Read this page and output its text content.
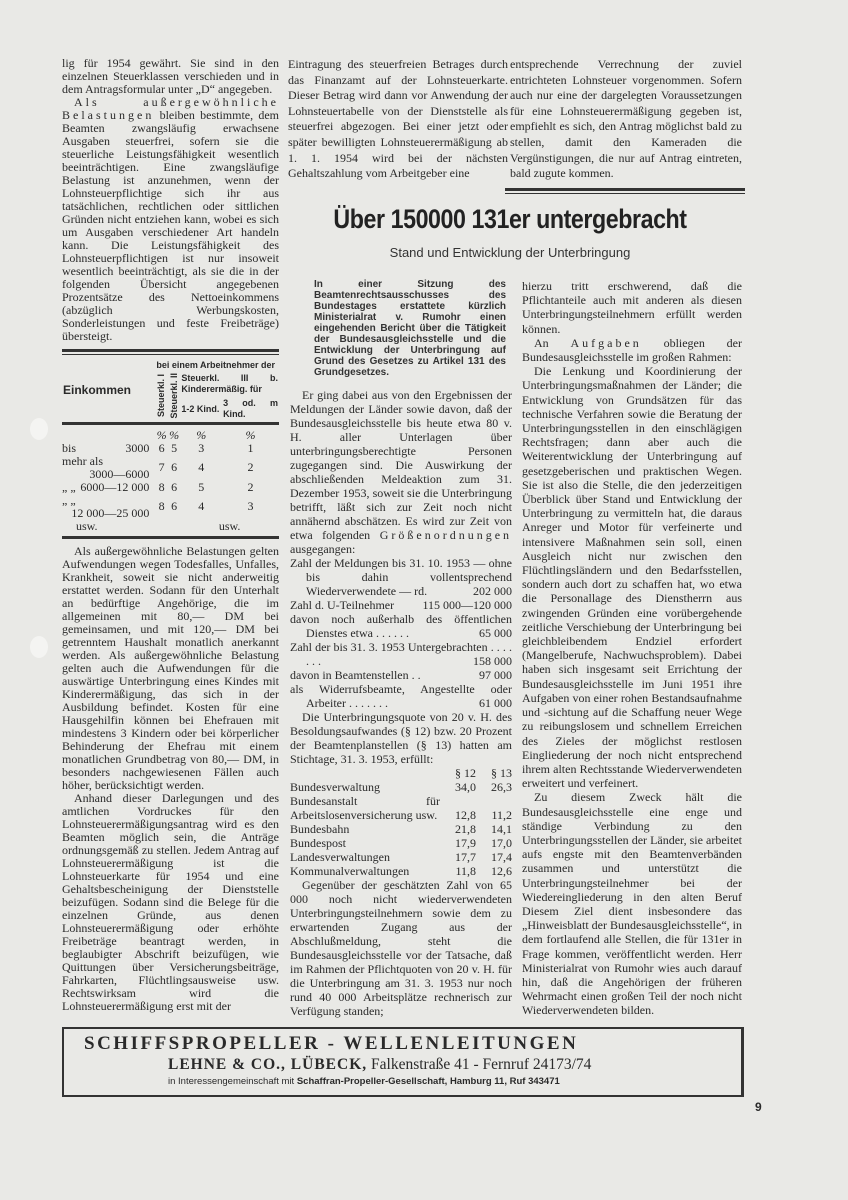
lig für 1954 gewährt. Sie sind in den einzelnen Steuerklassen verschieden und in dem Antragsformular unter „D“ angegeben.

Als außergewöhnliche Belastungen bleiben bestimmte, dem Beamten zwangsläufig erwachsene Ausgaben steuerfrei, sofern sie die steuerliche Leistungsfähigkeit wesentlich beeinträchtigen. Eine zwangsläufige Belastung ist anzunehmen, wenn der Lohnsteuerpflichtige sich ihr aus tatsächlichen, rechtlichen oder sittlichen Gründen nicht entziehen kann, wobei es sich um Ausgaben verschiedener Art handeln kann. Die Leistungsfähigkeit des Lohnsteuerpflichtigen ist nur insoweit wesentlich beeinträchtigt, als sie die in der folgenden Übersicht angegebenen Prozentsätze des Nettoeinkommens (abzüglich Werbungskosten, Sonderleistungen und feste Freibeträge) übersteigt.

Einkommen	bei einem Arbeitnehmer der			
	Steuerkl. I	Steuerkl. II	Steuerkl. III b. Kinderermäßig. für	
			1-2 Kind.	3 od. m Kind.

	%	%	%	%
bis 3000	6	5	3	1
mehr als
3000—6000	7	6	4	2
„ „ 6000—12 000	8	6	5	2
„ „
12 000—25 000	8	6	4	3
usw.			usw.	

Als außergewöhnliche Belastungen gelten Aufwendungen wegen Todesfalles, Unfalles, Krankheit, soweit sie nicht anderweitig erstattet werden. Sodann für den Unterhalt an bedürftige Angehörige, die im allgemeinen mit 80,— DM bei gemeinsamen, und mit 120,— DM bei getrenntem Haushalt monatlich anerkannt werden. Als außergewöhnliche Belastung gelten auch die Aufwendungen für die auswärtige Unterbringung eines Kindes mit Kinderermäßigung, das sich in der Ausbildung befindet. Kosten für eine Hausgehilfin können bei Ehefrauen mit mindestens 3 Kindern oder bei körperlicher Behinderung der Ehefrau mit einem monatlichen Grundbetrag von 80,— DM, in besonders nachgewiesenen Fällen auch höher, berücksichtigt werden.

Anhand dieser Darlegungen und des amtlichen Vordruckes für den Lohnsteuerermäßigungsantrag wird es den Beamten möglich sein, die Anträge ordnungsgemäß zu stellen. Jedem Antrag auf Lohnsteuerermäßigung ist die Lohnsteuerkarte für 1954 und eine Gehaltsbescheinigung der Dienststelle beizufügen. Sodann sind die Belege für die einzelnen Gründe, aus denen Lohnsteuerermäßigung oder erhöhte Freibeträge beantragt werden, in beglaubigter Abschrift beizufügen, wie Quittungen über Versicherungsbeiträge, Fahrkarten, Flüchtlingsausweise usw. Rechtswirksam wird die Lohnsteuerermäßigung erst mit der

Eintragung des steuerfreien Betrages durch das Finanzamt auf der Lohnsteuerkarte. Dieser Betrag wird dann vor Anwendung der Lohnsteuertabelle von der Dienststelle als steuerfrei abgezogen. Bei einer jetzt oder später bewilligten Lohnsteuerermäßigung ab 1. 1. 1954 wird bei der nächsten Gehaltszahlung vom Arbeitgeber eine

entsprechende Verrechnung der zuviel entrichteten Lohnsteuer vorgenommen. Sofern auch nur eine der dargelegten Voraussetzungen für eine Lohnsteuerermäßigung gegeben ist, empfiehlt es sich, den Antrag möglichst bald zu stellen, damit den Kameraden die Vergünstigungen, die nur auf Antrag eintreten, bald zugute kommen.

Über 150000 131er untergebracht
Stand und Entwicklung der Unterbringung
In einer Sitzung des Beamtenrechtsausschusses des Bundestages erstattete kürzlich Ministerialrat v. Rumohr einen eingehenden Bericht über die Tätigkeit der Bundesausgleichsstelle und die Entwicklung der Unterbringung auf Grund des Gesetzes zu Artikel 131 des Grundgesetzes.

Er ging dabei aus von den Ergebnissen der Meldungen der Länder sowie davon, daß der Bundesausgleichsstelle bis heute etwa 80 v. H. aller Unterlagen über unterbringungsberechtigte Personen zugegangen sind. Die Auswirkung der abschließenden Meldeaktion zum 31. Dezember 1953, soweit sie die Unterbringung betrifft, läßt sich zur Zeit noch nicht annähernd abschätzen. Es wird zur Zeit von etwa folgenden Größenordnungen ausgegangen:

Zahl der Meldungen bis 31. 10. 1953 — ohne bis dahin vollentsprechend Wiederverwendete — rd.	202 000
Zahl d. U-Teilnehmer 115 000—120 000
davon noch außerhalb des öffentlichen Dienstes etwa . . . . . .	65 000
Zahl der bis 31. 3. 1953 Untergebrachten . . . . . . .	158 000
davon in Beamtenstellen . .	97 000
als Widerrufsbeamte, Angestellte oder Arbeiter . . . . . . .	61 000

Die Unterbringungsquote von 20 v. H. des Besoldungsaufwandes (§ 12) bzw. 20 Prozent der Beamtenplanstellen (§ 13) hatten am Stichtage, 31. 3. 1953, erfüllt:

	§ 12	§ 13
Bundesverwaltung	34,0	26,3
Bundesanstalt für Arbeitslosenversicherung usw.	12,8	11,2
Bundesbahn	21,8	14,1
Bundespost	17,9	17,0
Landesverwaltungen	17,7	17,4
Kommunalverwaltungen	11,8	12,6

Gegenüber der geschätzten Zahl von 65 000 noch nicht wiederverwendeten Unterbringungsteilnehmern sowie dem zu erwartenden Zugang aus der Abschlußmeldung, steht die Bundesausgleichsstelle vor der Tatsache, daß im Rahmen der Pflichtquoten von 20 v. H. für die Unterbringung am 31. 3. 1953 nur noch rund 40 000 Arbeitsplätze rechnerisch zur Verfügung standen;

hierzu tritt erschwerend, daß die Pflichtanteile auch mit anderen als diesen Unterbringungsteilnehmern erfüllt werden können.

An Aufgaben obliegen der Bundesausgleichsstelle im großen Rahmen:

Die Lenkung und Koordinierung der Unterbringungsmaßnahmen der Länder; die Entwicklung von Grundsätzen für das technische Verfahren sowie die Beratung der Unterbringungsstellen in den einschlägigen Rechtsfragen; dann aber auch die Weiterentwicklung der Unterbringung auf gesetzgeberischen und praktischen Wegen. Sie ist also die Stelle, die den jederzeitigen Überblick über Stand und Entwicklung der Unterbringung zu vermitteln hat, die daraus Anreger und Motor für verfeinerte und intensivere Maßnahmen sein soll, einen Ausgleich nicht nur zwischen den Flüchtlingsländern und den Bedarfsstellen, sondern auch dort zu schaffen hat, wo etwa die Personallage des Dienstherrn aus zwingenden Gründen eine vorübergehende zeitliche Verschiebung der Unterbringung bei gleichbleibendem Endziel erfordert (Mangelberufe, Nachwuchsproblem). Dabei haben sich insgesamt seit Errichtung der Bundesausgleichsstelle im Juni 1951 ihre Aufgaben von einer rohen Bestandsaufnahme und -sichtung auf die Schaffung neuer Wege zu reibungslosem und schnellem Erreichen des Zieles der möglichst restlosen Eingliederung der noch nicht entsprechend ihrem alten Rechtsstande Wiederverwendeten erweitert und verfeinert.

Zu diesem Zweck hält die Bundesausgleichsstelle eine enge und ständige Verbindung zu den Unterbringungsstellen der Länder, sie arbeitet aufs engste mit den Beamtenverbänden zusammen und unterstützt die Unterbringungsteilnehmer bei der Wiedereingliederung in den alten Beruf Diesem Ziel dient insbesondere das „Hinweisblatt der Bundesausgleichsstelle“, in dem fortlaufend alle Stellen, die für 131er in Frage kommen, veröffentlicht werden. Herr Ministerialrat von Rumohr wies auch darauf hin, daß die Angehörigen der früheren Wehrmacht einen großen Teil der noch nicht Wiederverwendeten bilden.

SCHIFFSPROPELLER - WELLENLEITUNGEN
LEHNE & CO., LÜBECK, Falkenstraße 41 - Fernruf 24173/74
in Interessengemeinschaft mit Schaffran-Propeller-Gesellschaft, Hamburg 11, Ruf 343471
9
